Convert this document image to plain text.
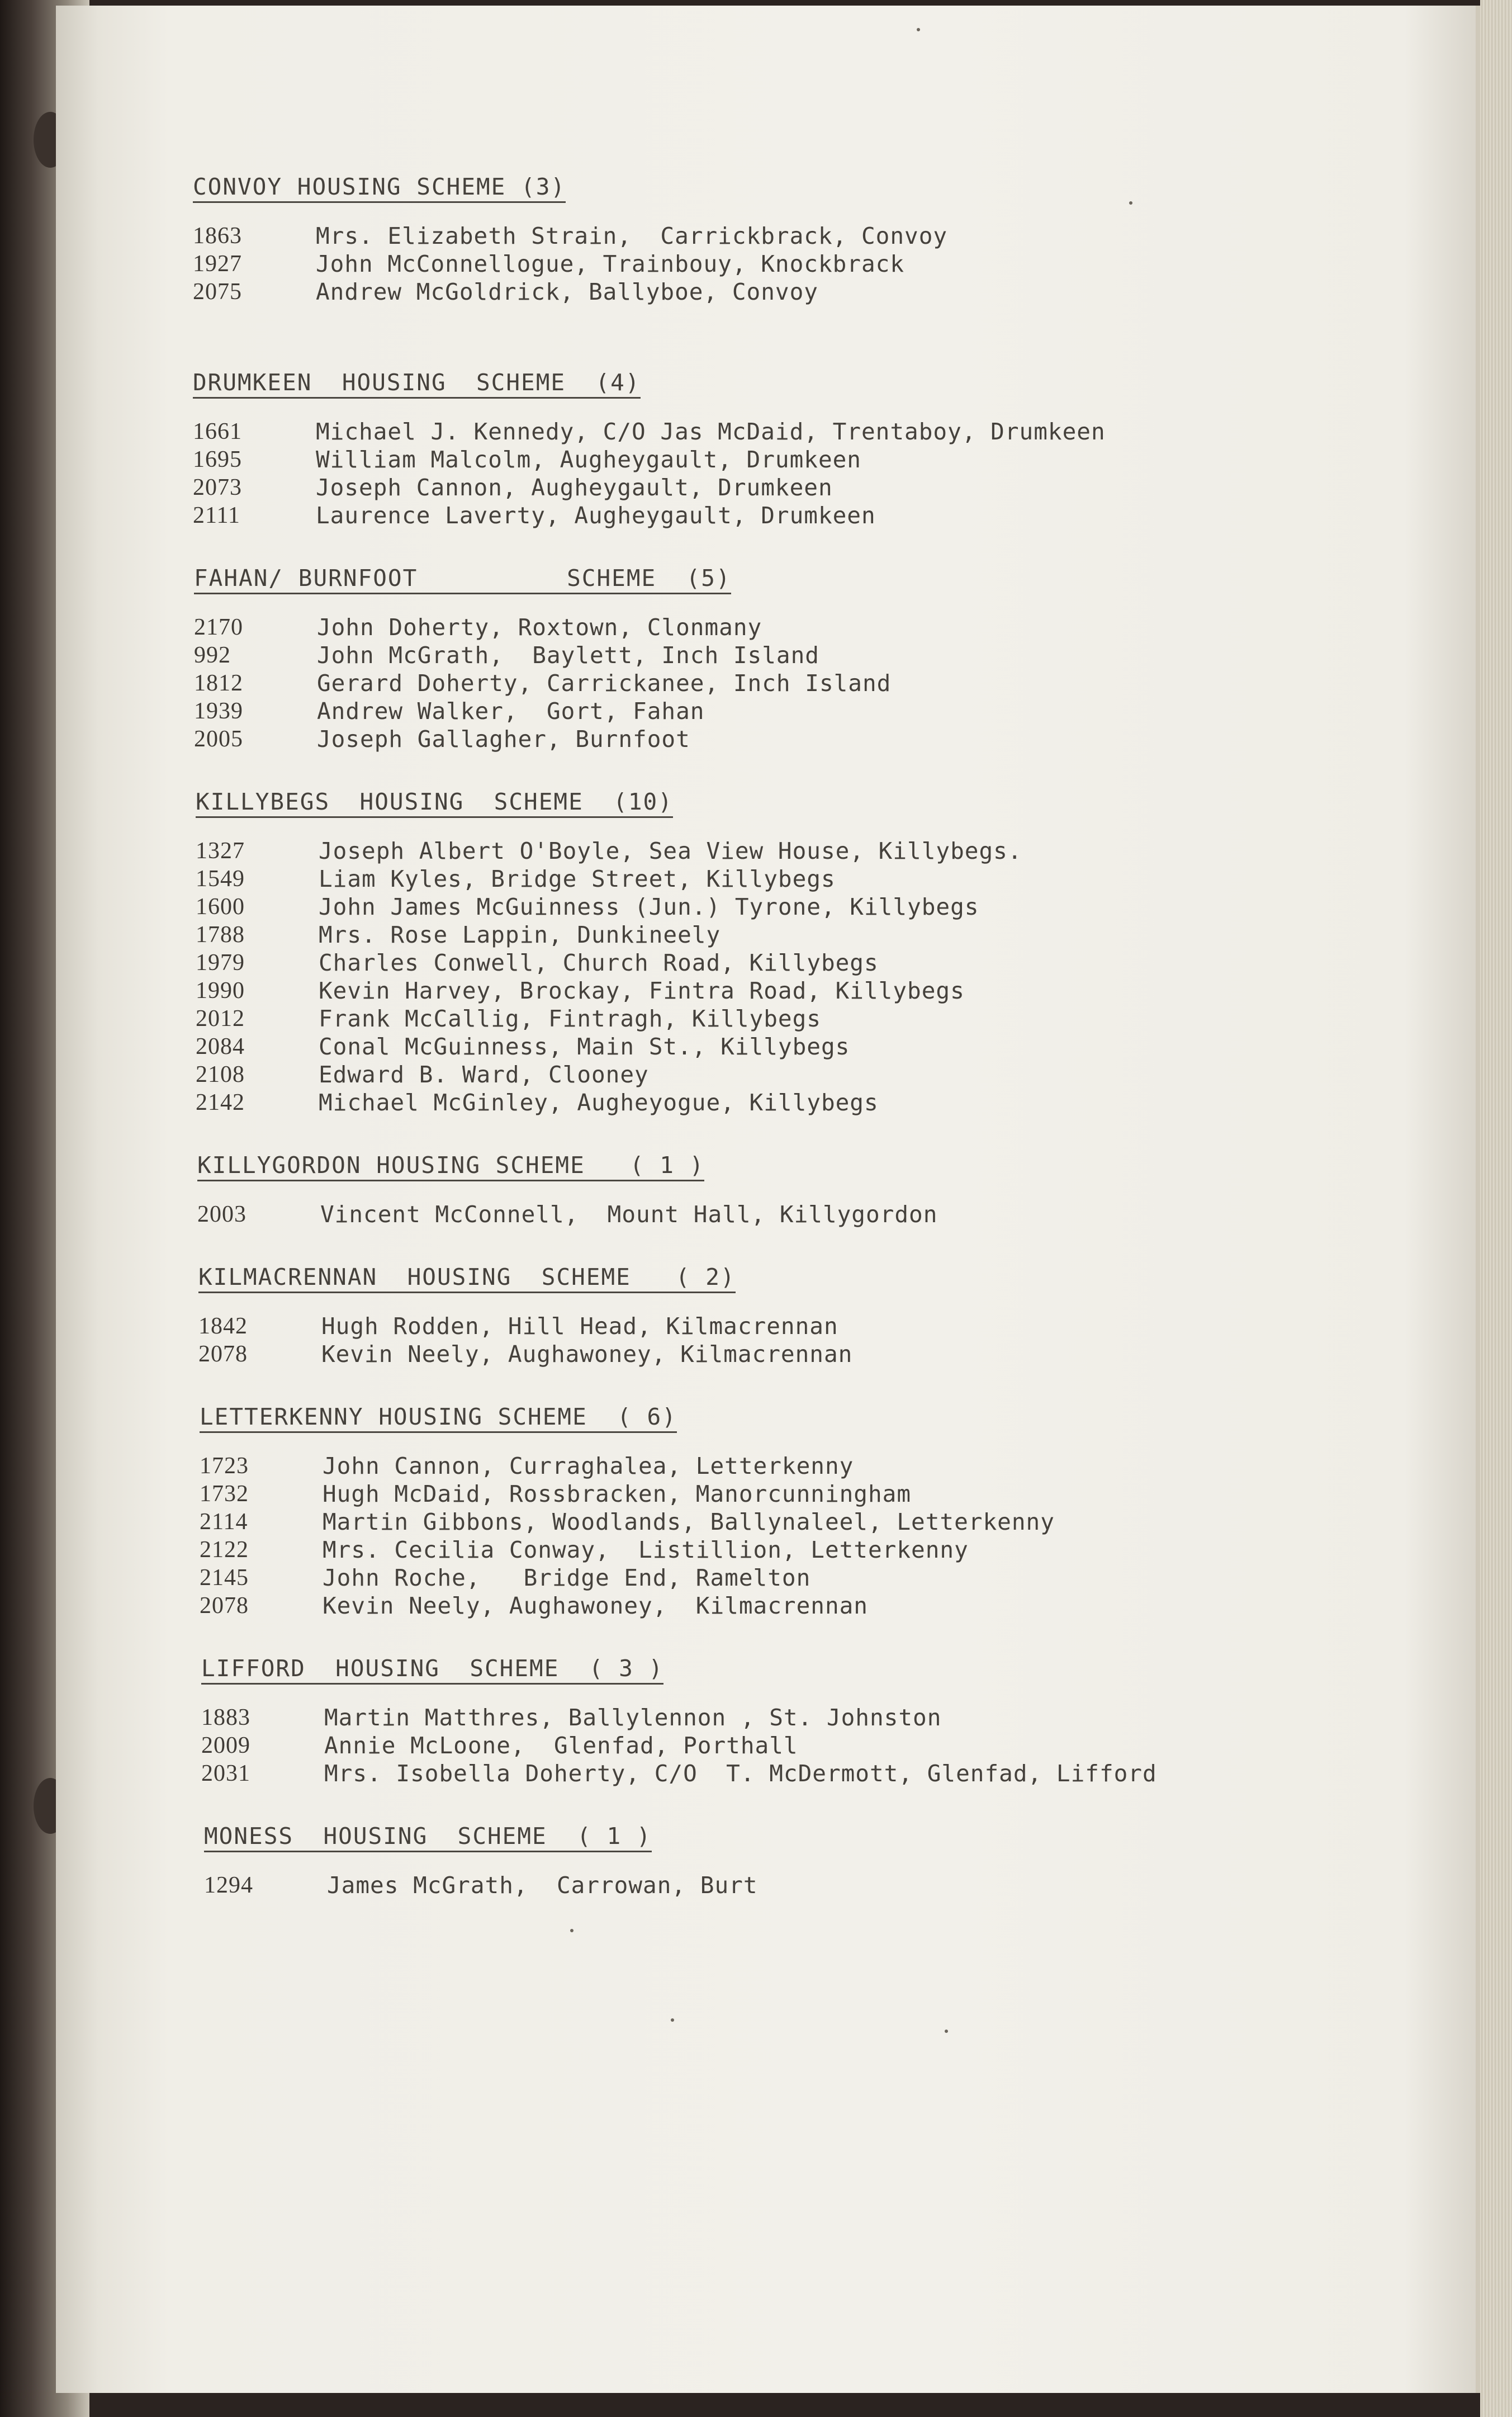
CONVOY HOUSING SCHEME (3)
1863	Mrs. Elizabeth Strain,  Carrickbrack, Convoy
1927	John McConnellogue, Trainbouy, Knockbrack
2075	Andrew McGoldrick, Ballyboe, Convoy
DRUMKEEN  HOUSING  SCHEME  (4)
1661	Michael J. Kennedy, C/O Jas McDaid, Trentaboy, Drumkeen
1695	William Malcolm, Augheygault, Drumkeen
2073	Joseph Cannon, Augheygault, Drumkeen
2111	Laurence Laverty, Augheygault, Drumkeen
FAHAN/ BURNFOOT          SCHEME  (5)
2170	John Doherty, Roxtown, Clonmany
992	John McGrath,  Baylett, Inch Island
1812	Gerard Doherty, Carrickanee, Inch Island
1939	Andrew Walker,  Gort, Fahan
2005	Joseph Gallagher, Burnfoot
KILLYBEGS  HOUSING  SCHEME  (10)
1327	Joseph Albert O'Boyle, Sea View House, Killybegs.
1549	Liam Kyles, Bridge Street, Killybegs
1600	John James McGuinness (Jun.) Tyrone, Killybegs
1788	Mrs. Rose Lappin, Dunkineely
1979	Charles Conwell, Church Road, Killybegs
1990	Kevin Harvey, Brockay, Fintra Road, Killybegs
2012	Frank McCallig, Fintragh, Killybegs
2084	Conal McGuinness, Main St., Killybegs
2108	Edward B. Ward, Clooney
2142	Michael McGinley, Augheyogue, Killybegs
KILLYGORDON HOUSING SCHEME   ( 1 )
2003	Vincent McConnell,  Mount Hall, Killygordon
KILMACRENNAN  HOUSING  SCHEME   ( 2)
1842	Hugh Rodden, Hill Head, Kilmacrennan
2078	Kevin Neely, Aughawoney, Kilmacrennan
LETTERKENNY HOUSING SCHEME  ( 6)
1723	John Cannon, Curraghalea, Letterkenny
1732	Hugh McDaid, Rossbracken, Manorcunningham
2114	Martin Gibbons, Woodlands, Ballynaleel, Letterkenny
2122	Mrs. Cecilia Conway,  Listillion, Letterkenny
2145	John Roche,   Bridge End, Ramelton
2078	Kevin Neely, Aughawoney,  Kilmacrennan
LIFFORD  HOUSING  SCHEME  ( 3 )
1883	Martin Matthres, Ballylennon , St. Johnston
2009	Annie McLoone,  Glenfad, Porthall
2031	Mrs. Isobella Doherty, C/O  T. McDermott, Glenfad, Lifford
MONESS  HOUSING  SCHEME  ( 1 )
1294	James McGrath,  Carrowan, Burt
